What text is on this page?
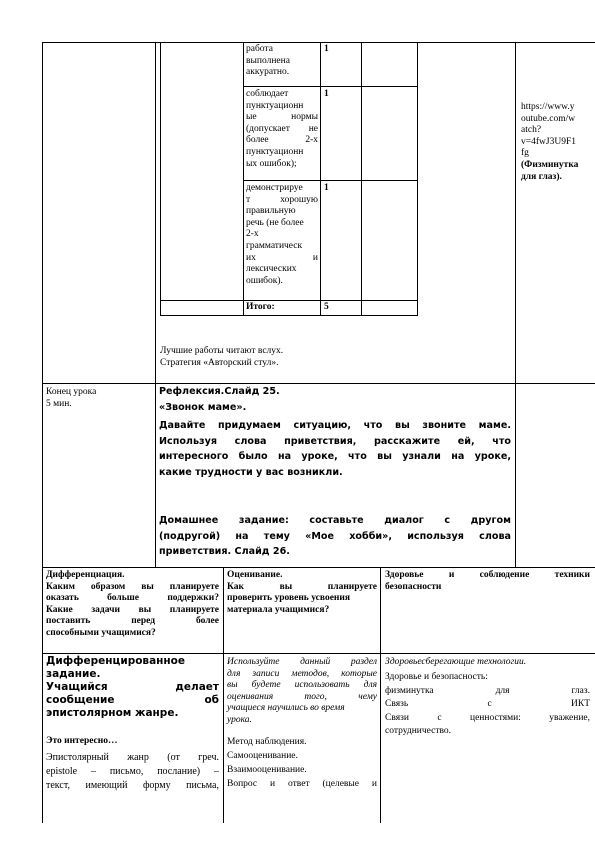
работа
выполнена
аккуратно.
1
соблюдает
пунктуационн
ые нормы
(допускает не
более 2-х
пунктуационн
ых ошибок);
1
демонстрируе
т хорошую
правильную
речь (не более
2-х
грамматическ
их и
лексических
ошибок).
1
Итого:	5
https://www.y
outube.com/w
atch?
v=4fwJ3U9F1
fg
(Физминутка
для глаз).
Лучшие работы читают вслух.
Стратегия «Авторский стул».
Конец урока
5 мин.
Рефлексия.Слайд 25.
«Звонок маме».
Давайте придумаем ситуацию, что вы звоните маме.
Используя слова приветствия, расскажите ей, что
интересного было на уроке, что вы узнали на уроке,
какие трудности у вас возникли.
Домашнее задание: составьте диалог с другом
(подругой) на тему «Мое хобби», используя слова
приветствия. Слайд 26.
Дифференциация.
Каким образом вы планируете
оказать больше поддержки?
Какие задачи вы планируете
поставить перед более
способными учащимися?
Оценивание.
Как вы планируете
проверить уровень усвоения
материала учащимися?
Здоровье и соблюдение техники
безопасности
Дифференцированное
задание.
Учащийся делает
сообщение об
эпистолярном жанре.
Это интересно…
Эпистолярный жанр (от греч.
epistole – письмо, послание) –
текст, имеющий форму письма,
Используйте данный раздел
для записи методов, которые
вы будете использовать для
оценивания того, чему
учащиеся научились во время
урока.
Метод наблюдения.
Самооценивание.
Взаимооценивание.
Вопрос и ответ (целевые и
Здоровьесберегающие технологии.
Здоровье и безопасность:
физминутка для глаз.
Связь с ИКТ
Связи с ценностями: уважение,
сотрудничество.
